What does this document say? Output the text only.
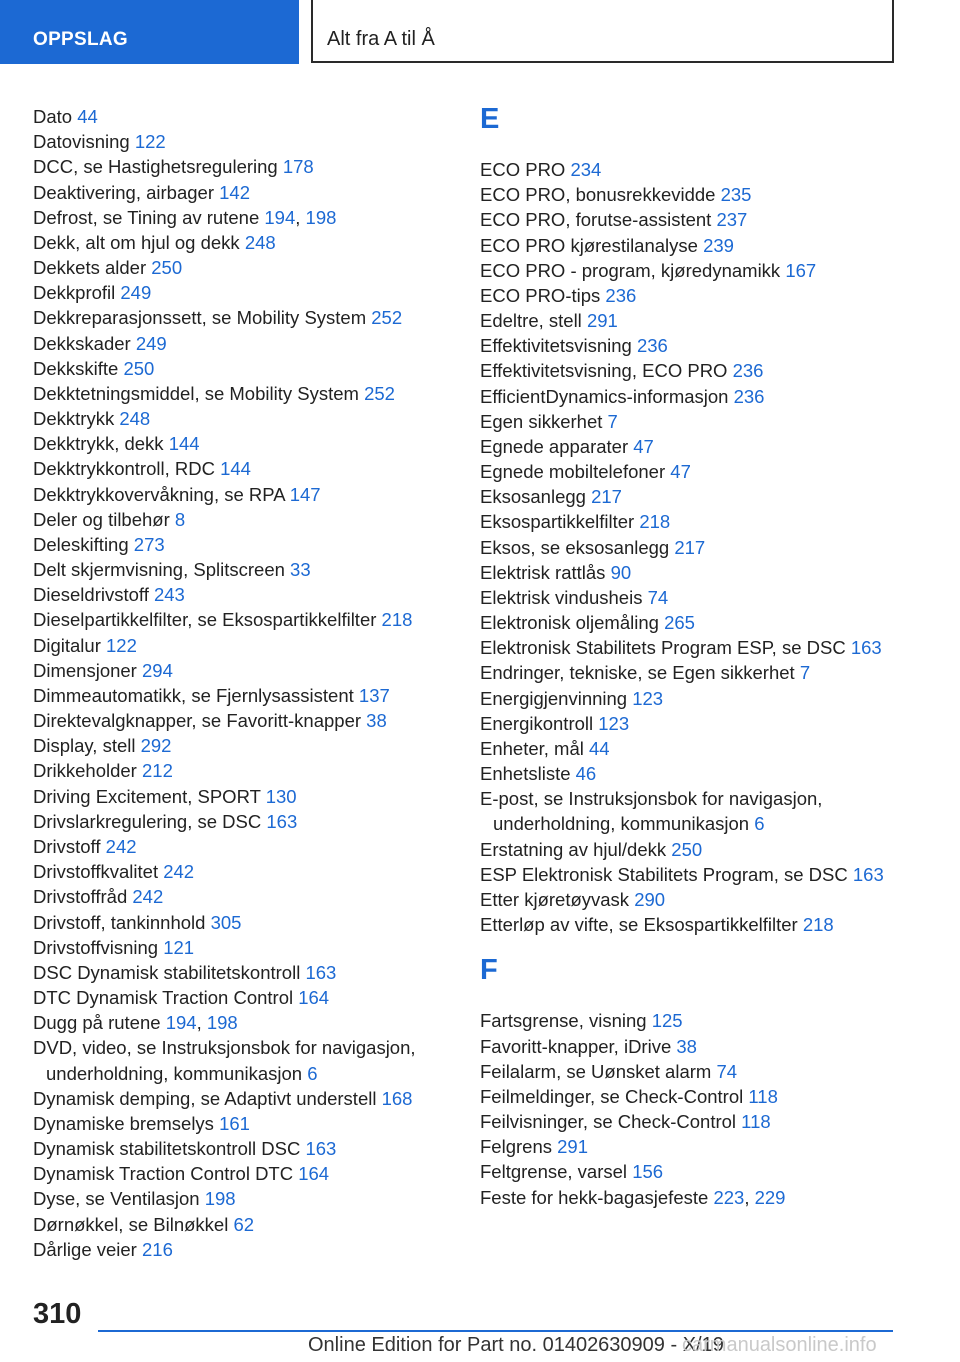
OPPSLAG	Alt fra A til Å
Dato 44
Datovisning 122
DCC, se Hastighetsregulering 178
Deaktivering, airbager 142
Defrost, se Tining av rutene 194, 198
Dekk, alt om hjul og dekk 248
Dekkets alder 250
Dekkprofil 249
Dekkreparasjonssett, se Mobility System 252
Dekkskader 249
Dekkskifte 250
Dekktetningsmiddel, se Mobility System 252
Dekktrykk 248
Dekktrykk, dekk 144
Dekktrykkontroll, RDC 144
Dekktrykkovervåkning, se RPA 147
Deler og tilbehør 8
Deleskifting 273
Delt skjermvisning, Splitscreen 33
Dieseldrivstoff 243
Dieselpartikkelfilter, se Eksospartikkelfilter 218
Digitalur 122
Dimensjoner 294
Dimmeautomatikk, se Fjernlysassistent 137
Direktevalgknapper, se Favoritt-knapper 38
Display, stell 292
Drikkeholder 212
Driving Excitement, SPORT 130
Drivslarkregulering, se DSC 163
Drivstoff 242
Drivstoffkvalitet 242
Drivstoffråd 242
Drivstoff, tankinnhold 305
Drivstoffvisning 121
DSC Dynamisk stabilitetskontroll 163
DTC Dynamisk Traction Control 164
Dugg på rutene 194, 198
DVD, video, se Instruksjonsbok for navigasjon, underholdning, kommunikasjon 6
Dynamisk demping, se Adaptivt understell 168
Dynamiske bremselys 161
Dynamisk stabilitetskontroll DSC 163
Dynamisk Traction Control DTC 164
Dyse, se Ventilasjon 198
Dørnøkkel, se Bilnøkkel 62
Dårlige veier 216
E
ECO PRO 234
ECO PRO, bonusrekkevidde 235
ECO PRO, forutse-assistent 237
ECO PRO kjørestilanalyse 239
ECO PRO - program, kjøredynamikk 167
ECO PRO-tips 236
Edeltre, stell 291
Effektivitetsvisning 236
Effektivitetsvisning, ECO PRO 236
EfficientDynamics-informasjon 236
Egen sikkerhet 7
Egnede apparater 47
Egnede mobiltelefoner 47
Eksosanlegg 217
Eksospartikkelfilter 218
Eksos, se eksosanlegg 217
Elektrisk rattlås 90
Elektrisk vindusheis 74
Elektronisk oljemåling 265
Elektronisk Stabilitets Program ESP, se DSC 163
Endringer, tekniske, se Egen sikkerhet 7
Energigjenvinning 123
Energikontroll 123
Enheter, mål 44
Enhetsliste 46
E-post, se Instruksjonsbok for navigasjon, underholdning, kommunikasjon 6
Erstatning av hjul/dekk 250
ESP Elektronisk Stabilitets Program, se DSC 163
Etter kjøretøyvask 290
Etterløp av vifte, se Eksospartikkelfilter 218
F
Fartsgrense, visning 125
Favoritt-knapper, iDrive 38
Feilalarm, se Uønsket alarm 74
Feilmeldinger, se Check-Control 118
Feilvisninger, se Check-Control 118
Felgrens 291
Feltgrense, varsel 156
Feste for hekk-bagasjefeste 223, 229
310
Online Edition for Part no. 01402630909 - X/19
carmanualsonline.info
